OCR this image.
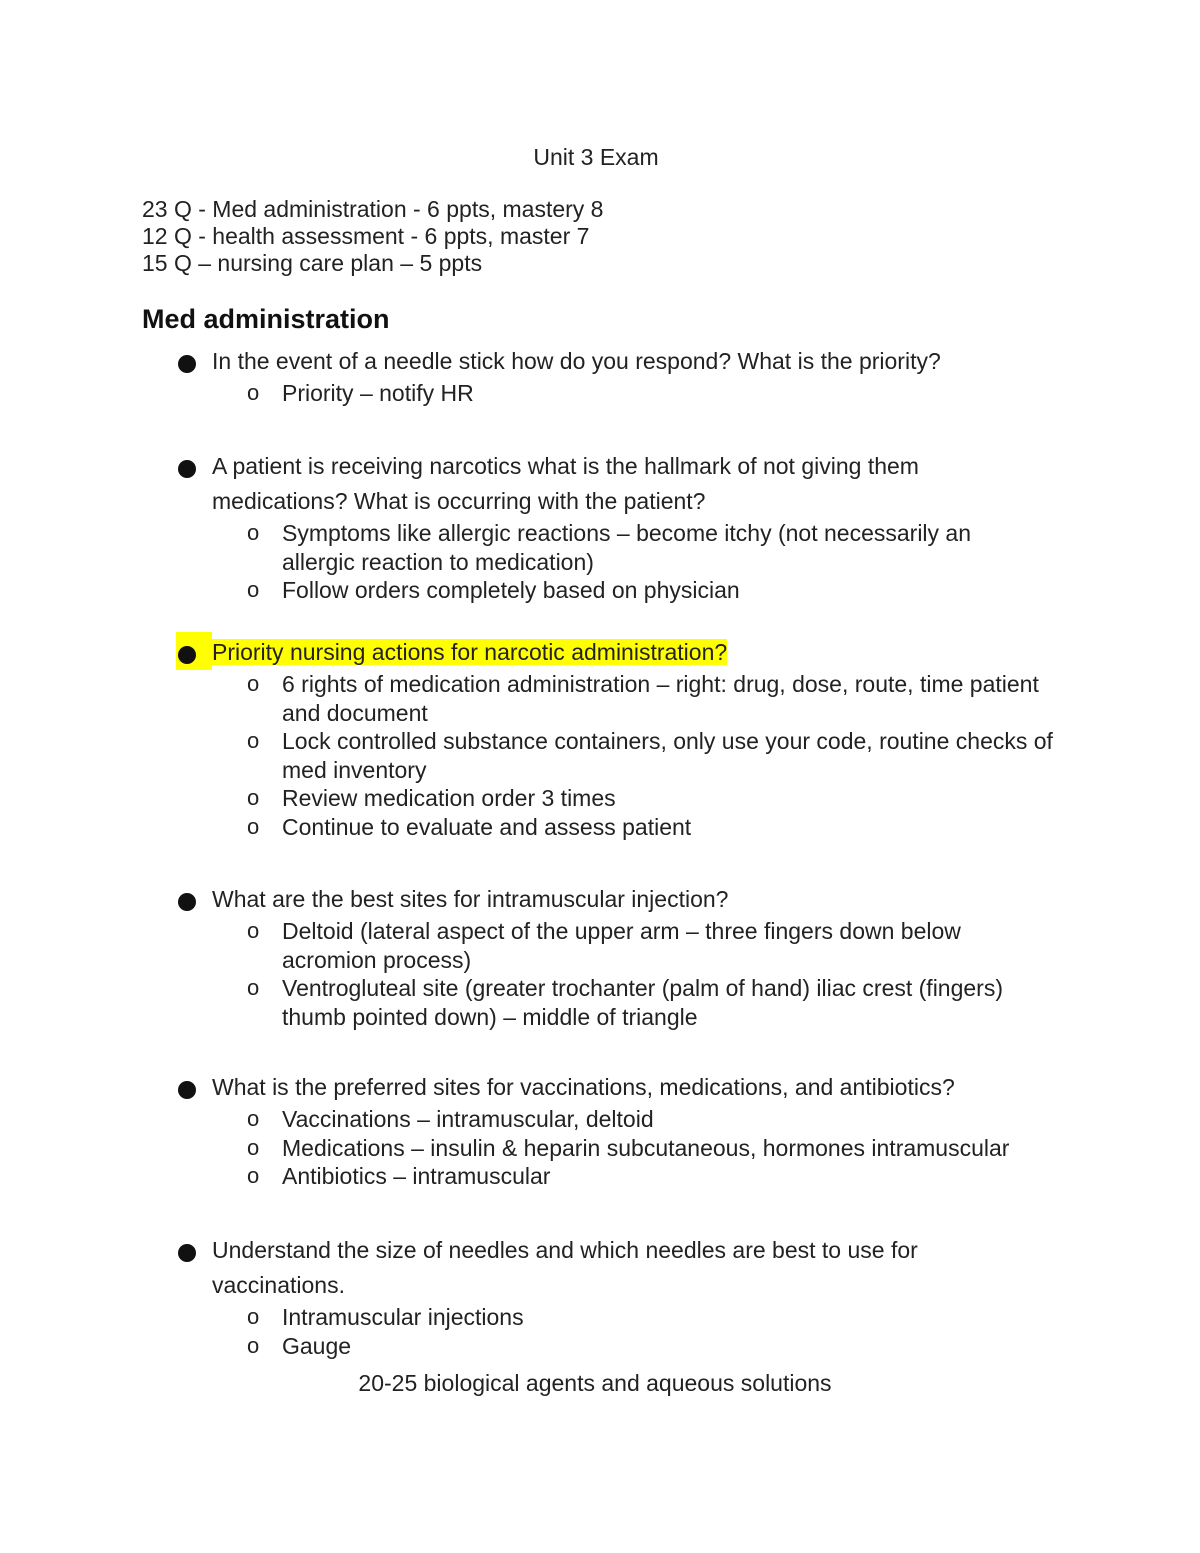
Unit 3 Exam
23 Q - Med administration - 6 ppts, mastery 8
12 Q - health assessment - 6 ppts, master 7
15 Q – nursing care plan – 5 ppts
Med administration
In the event of a needle stick how do you respond? What is the priority?
o Priority – notify HR
A patient is receiving narcotics what is the hallmark of not giving them medications? What is occurring with the patient?
o Symptoms like allergic reactions – become itchy (not necessarily an allergic reaction to medication)
o Follow orders completely based on physician
Priority nursing actions for narcotic administration?
o 6 rights of medication administration – right: drug, dose, route, time patient and document
o Lock controlled substance containers, only use your code, routine checks of med inventory
o Review medication order 3 times
o Continue to evaluate and assess patient
What are the best sites for intramuscular injection?
o Deltoid (lateral aspect of the upper arm – three fingers down below acromion process)
o Ventrogluteal site (greater trochanter (palm of hand) iliac crest (fingers) thumb pointed down) – middle of triangle
What is the preferred sites for vaccinations, medications, and antibiotics?
o Vaccinations – intramuscular, deltoid
o Medications – insulin & heparin subcutaneous, hormones intramuscular
o Antibiotics – intramuscular
Understand the size of needles and which needles are best to use for vaccinations.
o Intramuscular injections
o Gauge
20-25 biological agents and aqueous solutions
